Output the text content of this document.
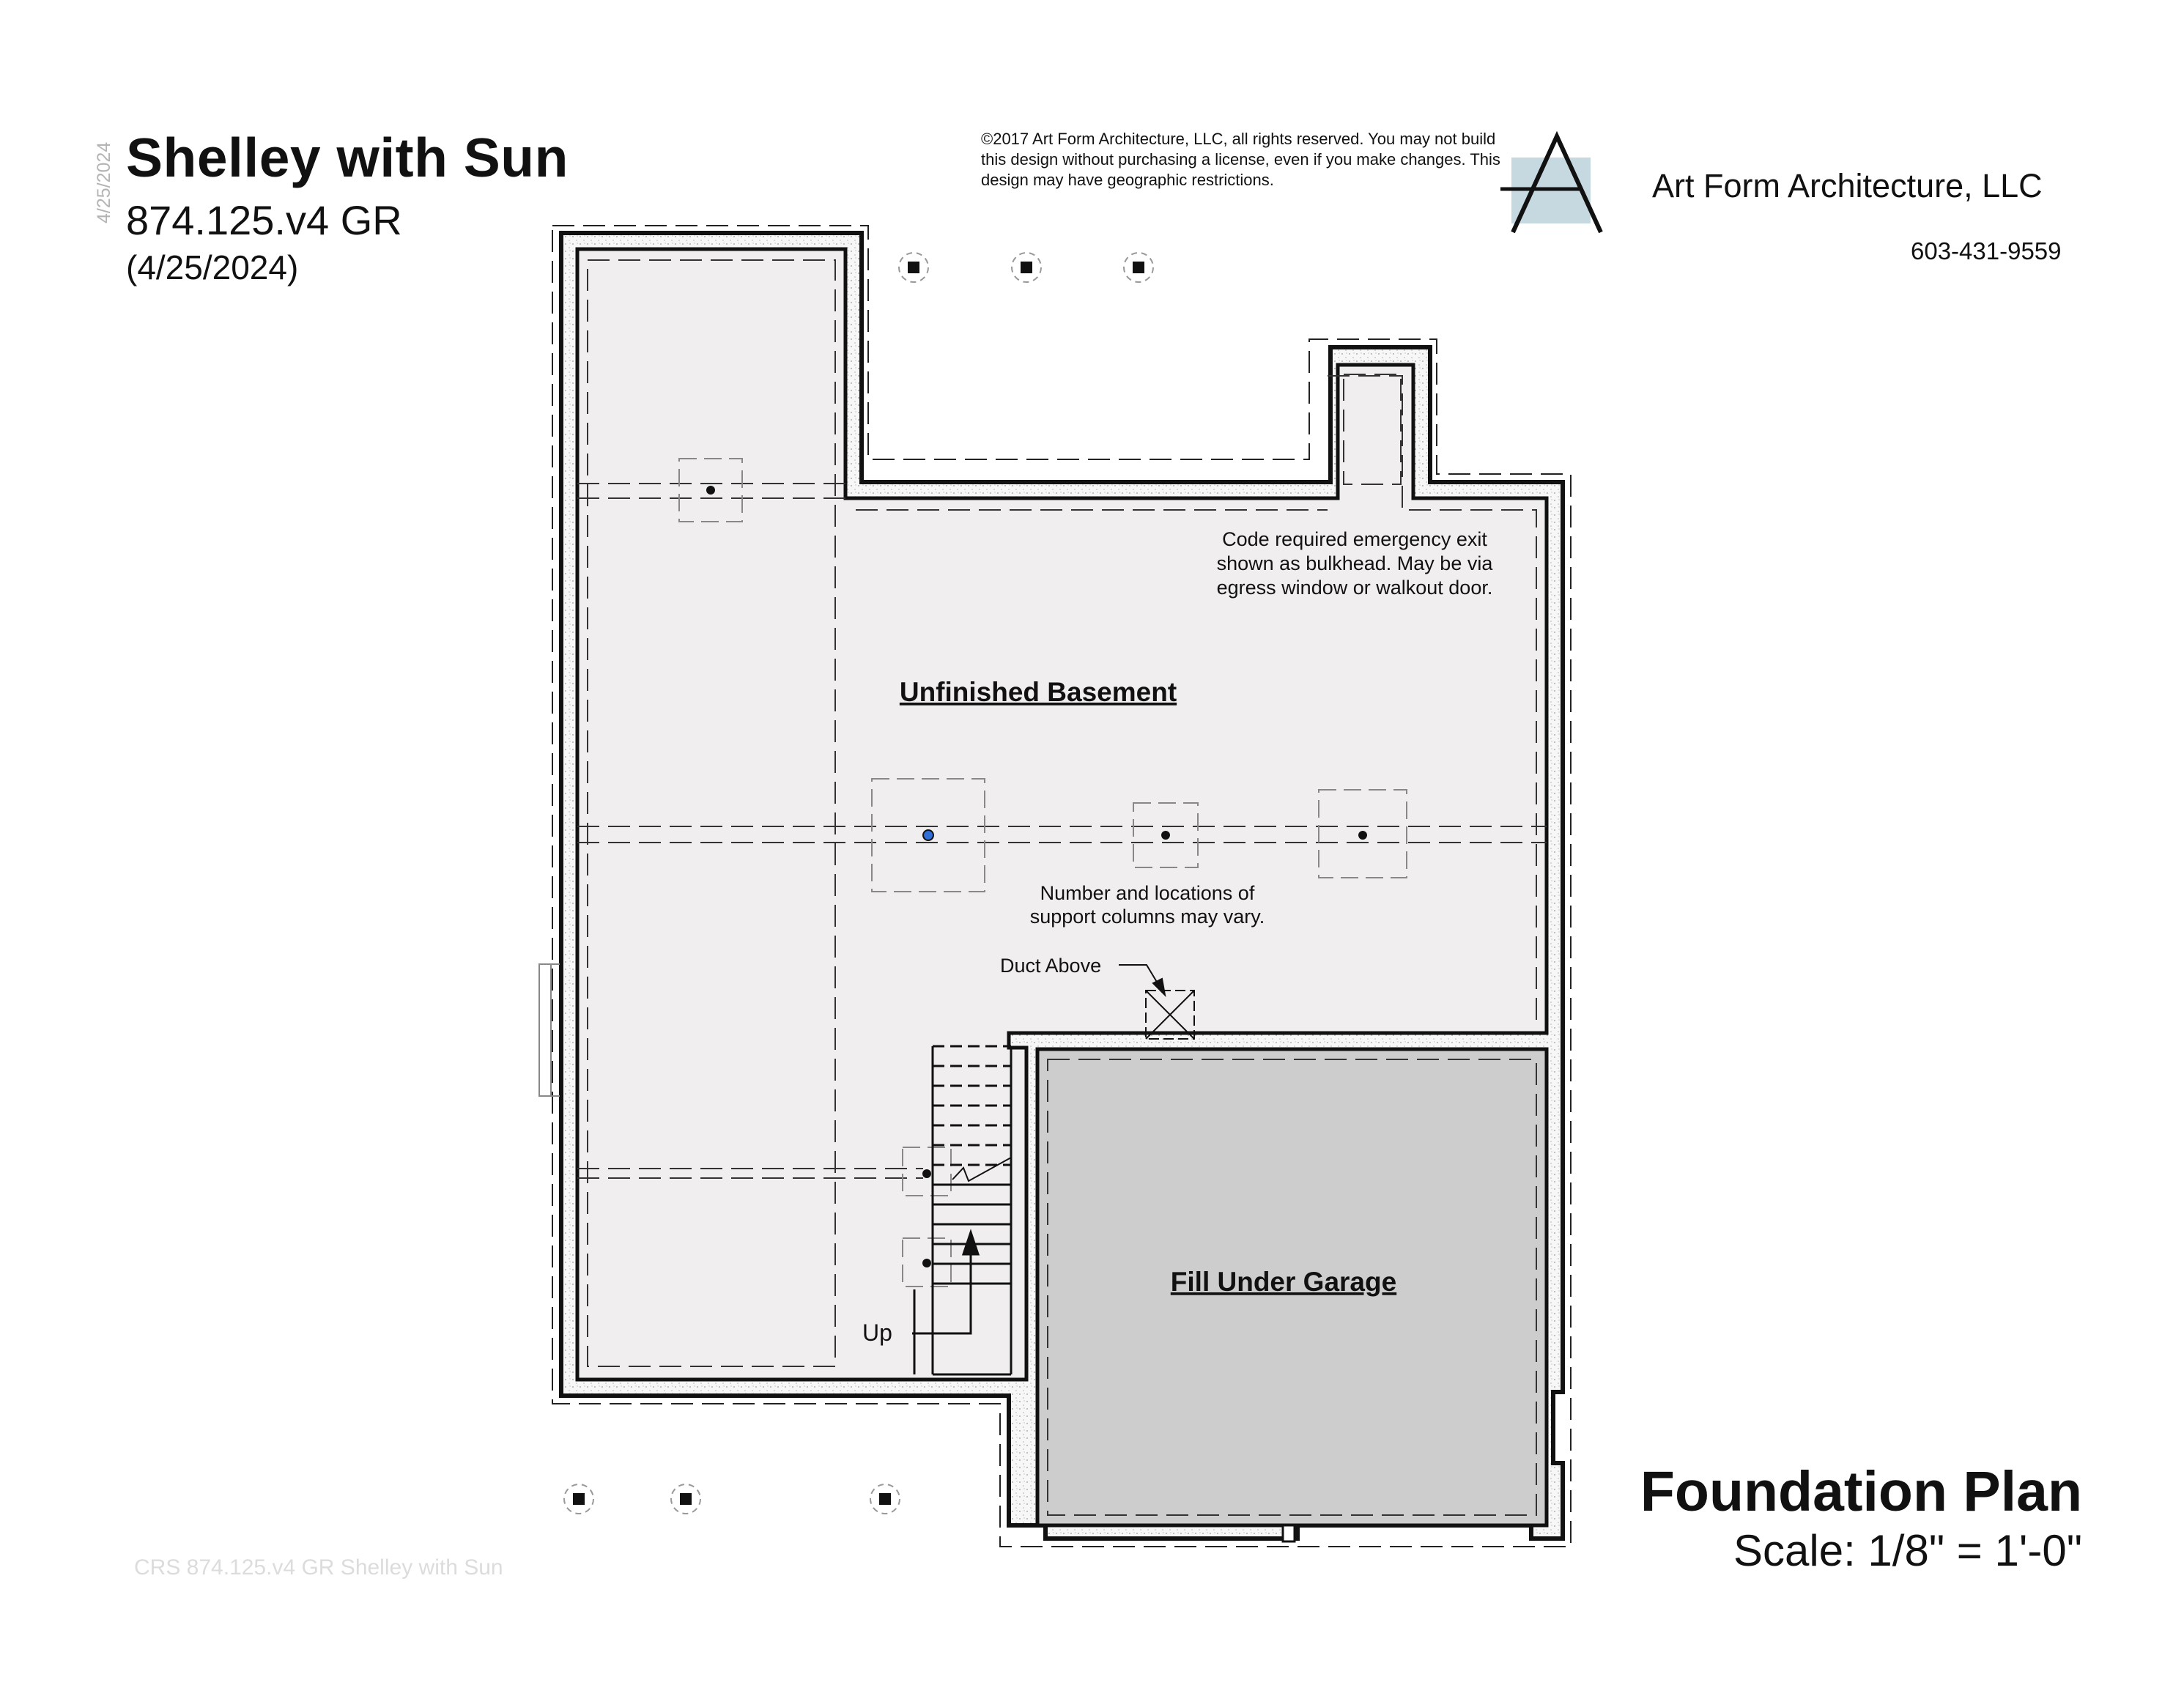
4/25/2024 Shelley with Sun
874.125.v4 GR
(4/25/2024)
©2017 Art Form Architecture, LLC, all rights reserved. You may not build this design without purchasing a license, even if you make changes. This design may have geographic restrictions.	Art Form Architecture, LLC
603-431-9559
Foundation Plan
Scale: 1/8" = 1'-0"
CRS 874.125.v4 GR Shelley with Sun
Unfinished Basement
Fill Under Garage
Code required emergency exit
shown as bulkhead. May be via
egress window or walkout door.
Number and locations of
support columns may vary.
Duct Above
Up
